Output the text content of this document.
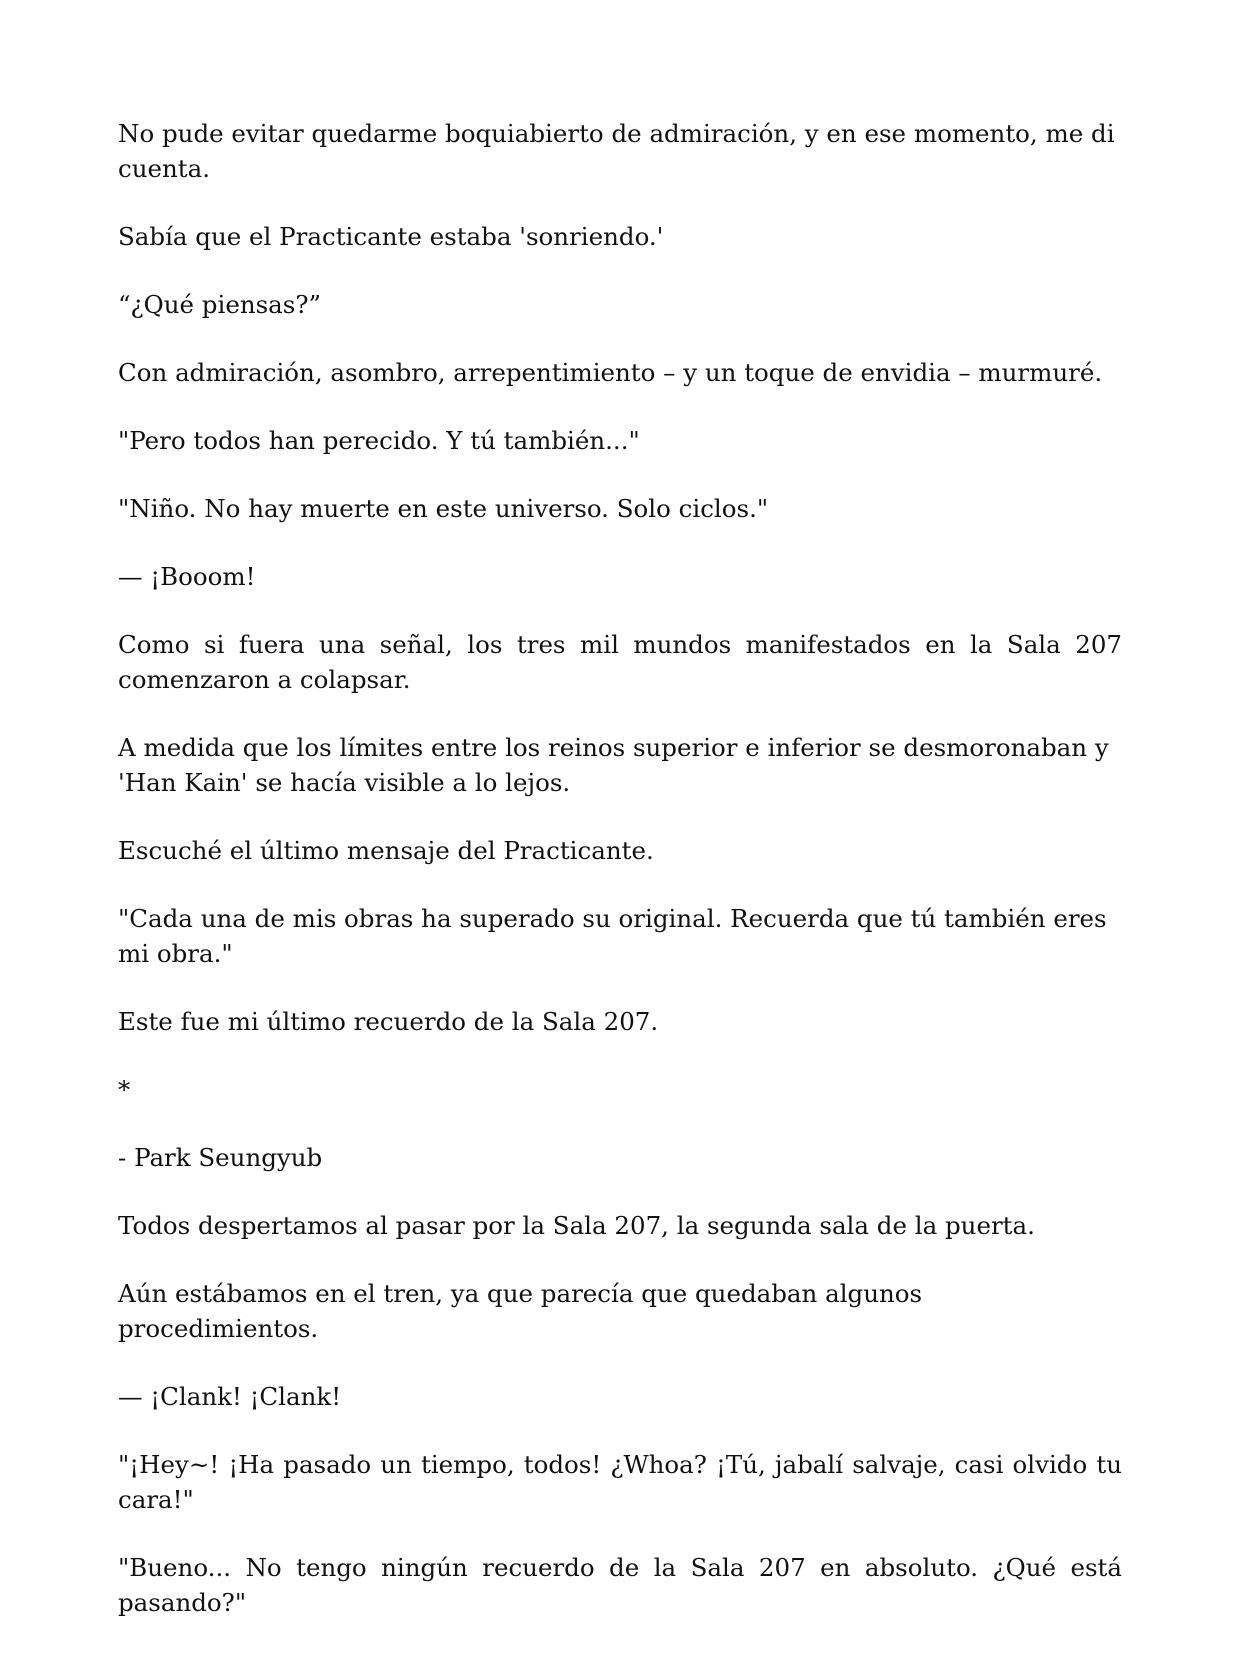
No pude evitar quedarme boquiabierto de admiración, y en ese momento, me di cuenta.

Sabía que el Practicante estaba 'sonriendo.'

“¿Qué piensas?”

Con admiración, asombro, arrepentimiento – y un toque de envidia – murmuré.

"Pero todos han perecido. Y tú también..."

"Niño. No hay muerte en este universo. Solo ciclos."

— ¡Booom!

Como si fuera una señal, los tres mil mundos manifestados en la Sala 207 comenzaron a colapsar.

A medida que los límites entre los reinos superior e inferior se desmoronaban y 'Han Kain' se hacía visible a lo lejos.

Escuché el último mensaje del Practicante.

"Cada una de mis obras ha superado su original. Recuerda que tú también eres mi obra."

Este fue mi último recuerdo de la Sala 207.

*

- Park Seungyub

Todos despertamos al pasar por la Sala 207, la segunda sala de la puerta.

Aún estábamos en el tren, ya que parecía que quedaban algunos procedimientos.

— ¡Clank! ¡Clank!

"¡Hey~! ¡Ha pasado un tiempo, todos! ¿Whoa? ¡Tú, jabalí salvaje, casi olvido tu cara!"

"Bueno... No tengo ningún recuerdo de la Sala 207 en absoluto. ¿Qué está pasando?"
